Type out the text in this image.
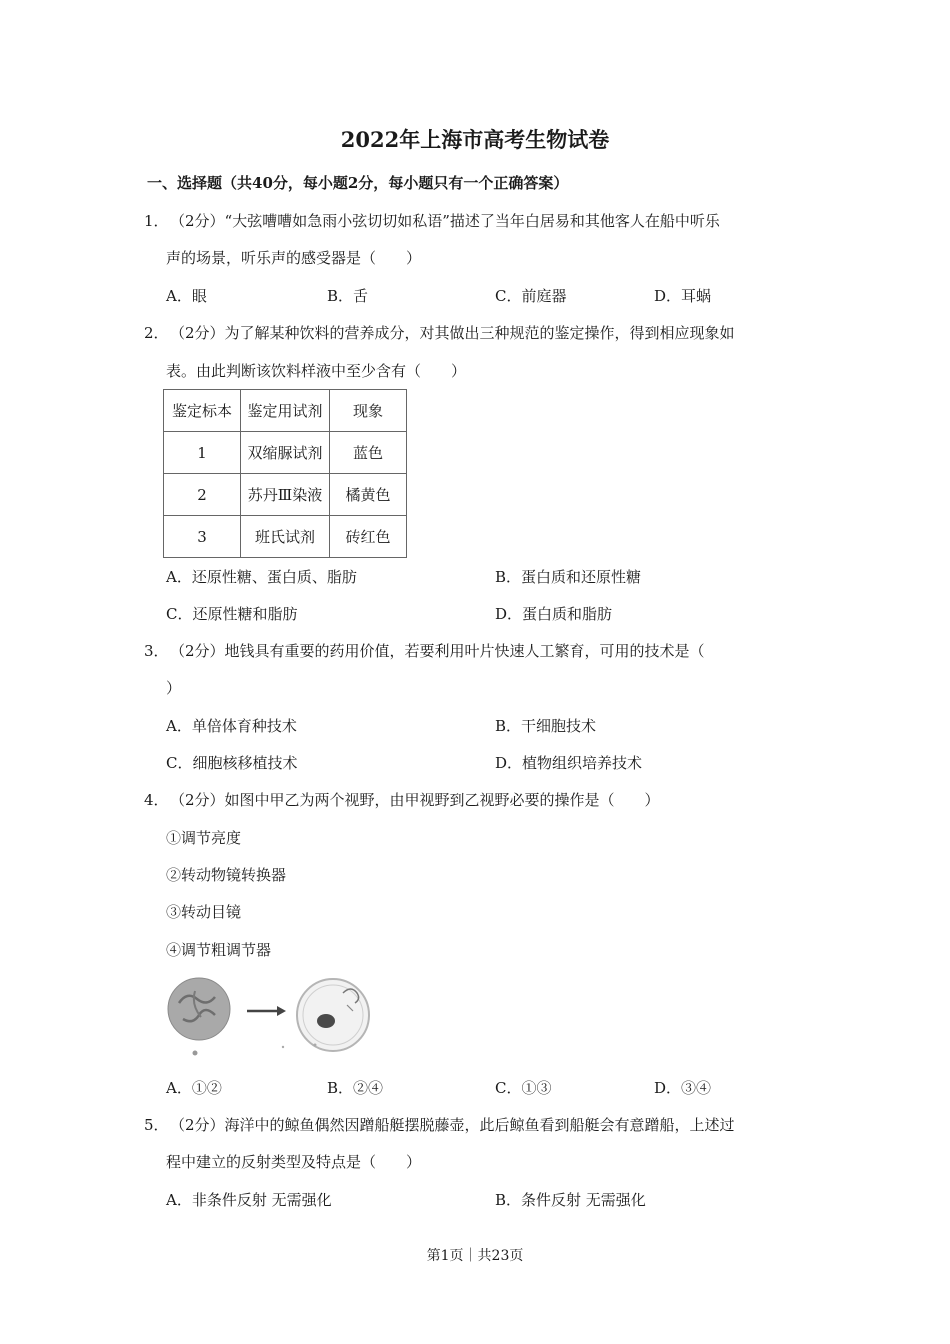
2022年上海市高考生物试卷
一、选择题（共40分，每小题2分，每小题只有一个正确答案）
1． （2分）“大弦嘈嘈如急雨小弦切切如私语”描述了当年白居易和其他客人在船中听乐
声的场景，听乐声的感受器是（　　）
A．眼	B．舌	C．前庭器	D．耳蜗
2． （2分）为了解某种饮料的营养成分，对其做出三种规范的鉴定操作，得到相应现象如
表。由此判断该饮料样液中至少含有（　　）
鉴定标本	鉴定用试剂	现象
1	双缩脲试剂	蓝色
2	苏丹Ⅲ染液	橘黄色
3	班氏试剂	砖红色
A．还原性糖、蛋白质、脂肪	B．蛋白质和还原性糖
C．还原性糖和脂肪	D．蛋白质和脂肪
3． （2分）地钱具有重要的药用价值，若要利用叶片快速人工繁育，可用的技术是（
）
A．单倍体育种技术	B．干细胞技术
C．细胞核移植技术	D．植物组织培养技术
4． （2分）如图中甲乙为两个视野，由甲视野到乙视野必要的操作是（　　）
①调节亮度
②转动物镜转换器
③转动目镜
④调节粗调节器
A．①②	B．②④	C．①③	D．③④
5． （2分）海洋中的鲸鱼偶然因蹭船艇摆脱藤壶，此后鲸鱼看到船艇会有意蹭船，上述过
程中建立的反射类型及特点是（　　）
A．非条件反射 无需强化	B．条件反射 无需强化
第1页｜共23页
